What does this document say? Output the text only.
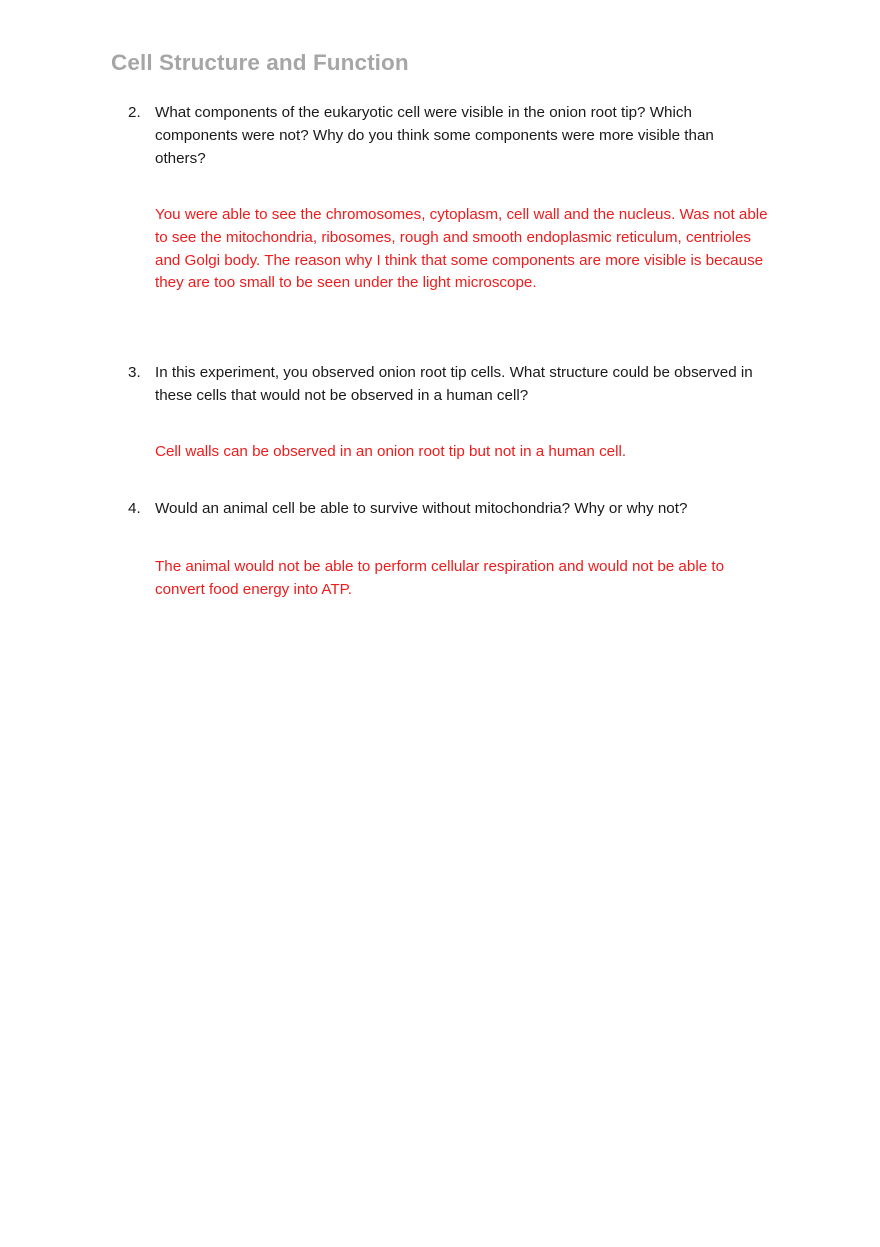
Cell Structure and Function
2. What components of the eukaryotic cell were visible in the onion root tip? Which components were not? Why do you think some components were more visible than others?
You were able to see the chromosomes, cytoplasm, cell wall and the nucleus. Was not able to see the mitochondria, ribosomes, rough and smooth endoplasmic reticulum, centrioles and Golgi body. The reason why I think that some components are more visible is because they are too small to be seen under the light microscope.
3. In this experiment, you observed onion root tip cells. What structure could be observed in these cells that would not be observed in a human cell?
Cell walls can be observed in an onion root tip but not in a human cell.
4. Would an animal cell be able to survive without mitochondria? Why or why not?
The animal would not be able to perform cellular respiration and would not be able to convert food energy into ATP.
